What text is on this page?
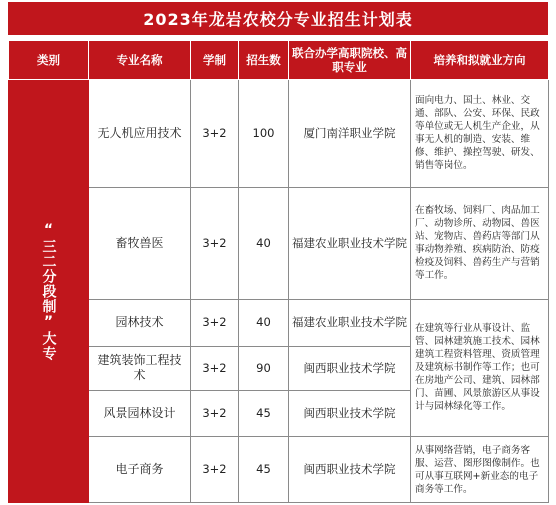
2023年龙岩农校分专业招生计划表
类别	专业名称	学制	招生数	联合办学高职院校、高职专业	培养和拟就业方向

“三二分段制”大专	无人机应用技术	3+2	100	厦门南洋职业学院	面向电力、国土、林业、交通、部队、公安、环保、民政等单位或无人机生产企业，从事无人机的制造、安装、维修、维护、操控驾驶、研发、销售等岗位。
	畜牧兽医	3+2	40	福建农业职业技术学院	在畜牧场、饲料厂、肉品加工厂、动物诊所、动物园、兽医站、宠物店、兽药店等部门从事动物养殖、疾病防治、防疫检疫及饲料、兽药生产与营销等工作。
	园林技术	3+2	40	福建农业职业技术学院	在建筑等行业从事设计、监管、园林建筑施工技术、园林建筑工程资料管理、资质管理及建筑标书制作等工作；也可在房地产公司、建筑、园林部门、苗圃、风景旅游区从事设计与园林绿化等工作。
	建筑装饰工程技术	3+2	90	闽西职业技术学院	
	风景园林设计	3+2	45	闽西职业技术学院	
	电子商务	3+2	45	闽西职业技术学院	从事网络营销，电子商务客服、运营、图形图像制作。也可从事互联网+新业态的电子商务等工作。
